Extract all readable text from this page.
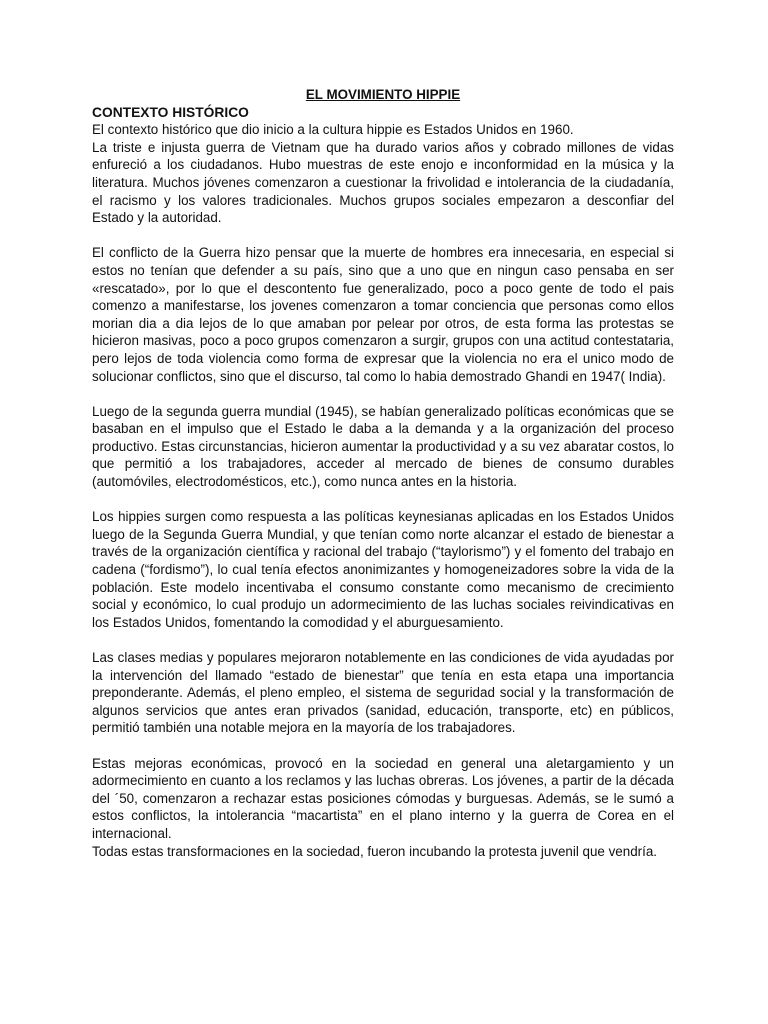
EL MOVIMIENTO HIPPIE

CONTEXTO HISTÓRICO

El contexto histórico que dio inicio a la cultura hippie es Estados Unidos en 1960.

La triste e injusta guerra de Vietnam que ha durado varios años y cobrado millones de vidas enfureció a los ciudadanos. Hubo muestras de este enojo e inconformidad en la música y la literatura. Muchos jóvenes comenzaron a cuestionar la frivolidad e intolerancia de la ciudadanía, el racismo y los valores tradicionales. Muchos grupos sociales empezaron a desconfiar del Estado y la autoridad.

El conflicto de la Guerra hizo pensar que la muerte de hombres era innecesaria, en especial si estos no tenían que defender a su país, sino que a uno que en ningun caso pensaba en ser «rescatado», por lo que el descontento fue generalizado, poco a poco gente de todo el pais comenzo a manifestarse, los jovenes comenzaron a tomar conciencia que personas como ellos morian dia a dia lejos de lo que amaban por pelear por otros, de esta forma las protestas se hicieron masivas, poco a poco grupos comenzaron a surgir, grupos con una actitud contestataria, pero lejos de toda violencia como forma de expresar que la violencia no era el unico modo de solucionar conflictos, sino que el discurso, tal como lo habia demostrado Ghandi en 1947( India).

Luego de la segunda guerra mundial (1945), se habían generalizado políticas económicas que se basaban en el impulso que el Estado le daba a la demanda y a la organización del proceso productivo. Estas circunstancias, hicieron aumentar la productividad y a su vez abaratar costos, lo que permitió a los trabajadores, acceder al mercado de bienes de consumo durables (automóviles, electrodomésticos, etc.), como nunca antes en la historia.

Los hippies surgen como respuesta a las políticas keynesianas aplicadas en los Estados Unidos luego de la Segunda Guerra Mundial, y que tenían como norte alcanzar el estado de bienestar a través de la organización científica y racional del trabajo (“taylorismo”) y el fomento del trabajo en cadena (“fordismo”), lo cual tenía efectos anonimizantes y homogeneizadores sobre la vida de la población. Este modelo incentivaba el consumo constante como mecanismo de crecimiento social y económico, lo cual produjo un adormecimiento de las luchas sociales reivindicativas en los Estados Unidos, fomentando la comodidad y el aburguesamiento.

Las clases medias y populares mejoraron notablemente en las condiciones de vida ayudadas por la intervención del llamado “estado de bienestar” que tenía en esta etapa una importancia preponderante. Además, el pleno empleo, el sistema de seguridad social y la transformación de algunos servicios que antes eran privados (sanidad, educación, transporte, etc) en públicos, permitió también una notable mejora en la mayoría de los trabajadores.

Estas mejoras económicas, provocó en la sociedad en general una aletargamiento y un adormecimiento en cuanto a los reclamos y las luchas obreras. Los jóvenes, a partir de la década del ´50, comenzaron a rechazar estas posiciones cómodas y burguesas. Además, se le sumó a estos conflictos, la intolerancia “macartista” en el plano interno y la guerra de Corea en el internacional.

Todas estas transformaciones en la sociedad, fueron incubando la protesta juvenil que vendría.
